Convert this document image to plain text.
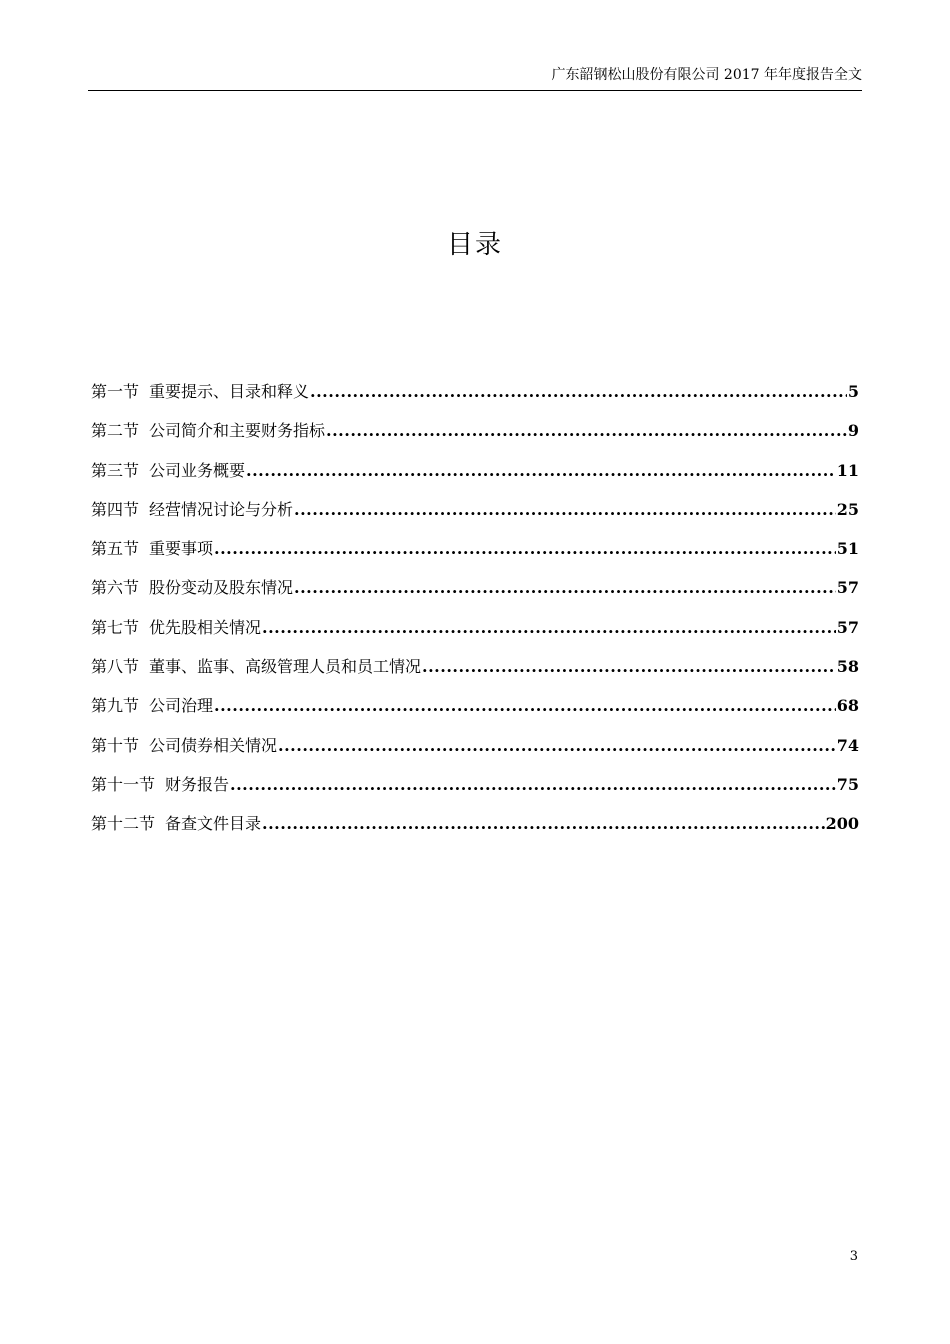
广东韶钢松山股份有限公司 2017 年年度报告全文
目录
第一节 重要提示、目录和释义 .....	5
第二节 公司简介和主要财务指标 .....	9
第三节 公司业务概要 .....	11
第四节 经营情况讨论与分析 .....	25
第五节 重要事项 .....	51
第六节 股份变动及股东情况 .....	57
第七节 优先股相关情况 .....	57
第八节 董事、监事、高级管理人员和员工情况 .....	58
第九节 公司治理 .....	68
第十节 公司债券相关情况 .....	74
第十一节 财务报告 .....	75
第十二节 备查文件目录 .....	200
3
